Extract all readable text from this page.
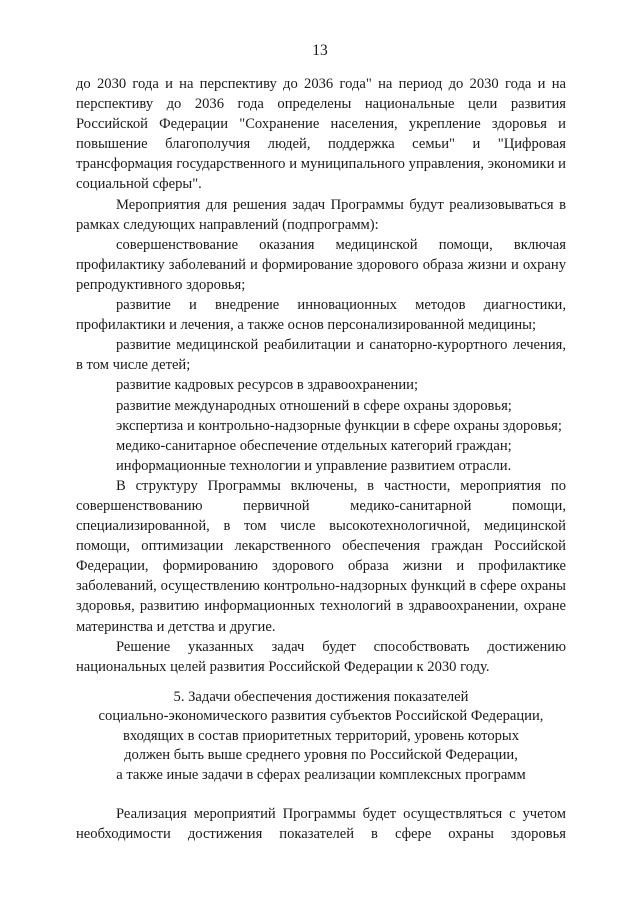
13

до 2030 года и на перспективу до 2036 года" на период до 2030 года и на перспективу до 2036 года определены национальные цели развития Российской Федерации "Сохранение населения, укрепление здоровья и повышение благополучия людей, поддержка семьи" и "Цифровая трансформация государственного и муниципального управления, экономики и социальной сферы".

Мероприятия для решения задач Программы будут реализовываться в рамках следующих направлений (подпрограмм):

совершенствование оказания медицинской помощи, включая профилактику заболеваний и формирование здорового образа жизни и охрану репродуктивного здоровья;

развитие и внедрение инновационных методов диагностики, профилактики и лечения, а также основ персонализированной медицины;

развитие медицинской реабилитации и санаторно-курортного лечения, в том числе детей;

развитие кадровых ресурсов в здравоохранении;

развитие международных отношений в сфере охраны здоровья;

экспертиза и контрольно-надзорные функции в сфере охраны здоровья;

медико-санитарное обеспечение отдельных категорий граждан;

информационные технологии и управление развитием отрасли.

В структуру Программы включены, в частности, мероприятия по совершенствованию первичной медико-санитарной помощи, специализированной, в том числе высокотехнологичной, медицинской помощи, оптимизации лекарственного обеспечения граждан Российской Федерации, формированию здорового образа жизни и профилактике заболеваний, осуществлению контрольно-надзорных функций в сфере охраны здоровья, развитию информационных технологий в здравоохранении, охране материнства и детства и другие.

Решение указанных задач будет способствовать достижению национальных целей развития Российской Федерации к 2030 году.

5. Задачи обеспечения достижения показателей
социально-экономического развития субъектов Российской Федерации,
входящих в состав приоритетных территорий, уровень которых
должен быть выше среднего уровня по Российской Федерации,
а также иные задачи в сферах реализации комплексных программ

Реализация мероприятий Программы будет осуществляться с учетом необходимости достижения показателей в сфере охраны здоровья
